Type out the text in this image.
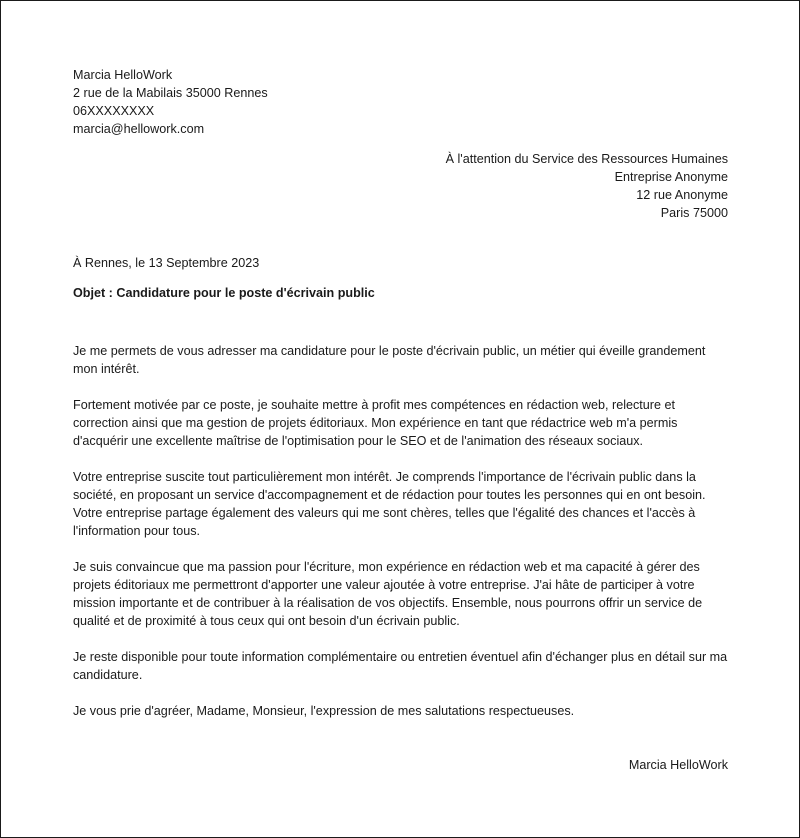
Marcia HelloWork
2 rue de la Mabilais 35000 Rennes
06XXXXXXXX
marcia@hellowork.com
À l'attention du Service des Ressources Humaines
Entreprise Anonyme
12 rue Anonyme
Paris 75000
À Rennes, le 13 Septembre 2023
Objet : Candidature pour le poste d'écrivain public

Je me permets de vous adresser ma candidature pour le poste d'écrivain public, un métier qui éveille grandement mon intérêt.

Fortement motivée par ce poste, je souhaite mettre à profit mes compétences en rédaction web, relecture et correction ainsi que ma gestion de projets éditoriaux. Mon expérience en tant que rédactrice web m'a permis d'acquérir une excellente maîtrise de l'optimisation pour le SEO et de l'animation des réseaux sociaux.

Votre entreprise suscite tout particulièrement mon intérêt. Je comprends l'importance de l'écrivain public dans la société, en proposant un service d'accompagnement et de rédaction pour toutes les personnes qui en ont besoin. Votre entreprise partage également des valeurs qui me sont chères, telles que l'égalité des chances et l'accès à l'information pour tous.

Je suis convaincue que ma passion pour l'écriture, mon expérience en rédaction web et ma capacité à gérer des projets éditoriaux me permettront d'apporter une valeur ajoutée à votre entreprise. J'ai hâte de participer à votre mission importante et de contribuer à la réalisation de vos objectifs. Ensemble, nous pourrons offrir un service de qualité et de proximité à tous ceux qui ont besoin d'un écrivain public.

Je reste disponible pour toute information complémentaire ou entretien éventuel afin d'échanger plus en détail sur ma candidature.

Je vous prie d'agréer, Madame, Monsieur, l'expression de mes salutations respectueuses.

Marcia HelloWork
